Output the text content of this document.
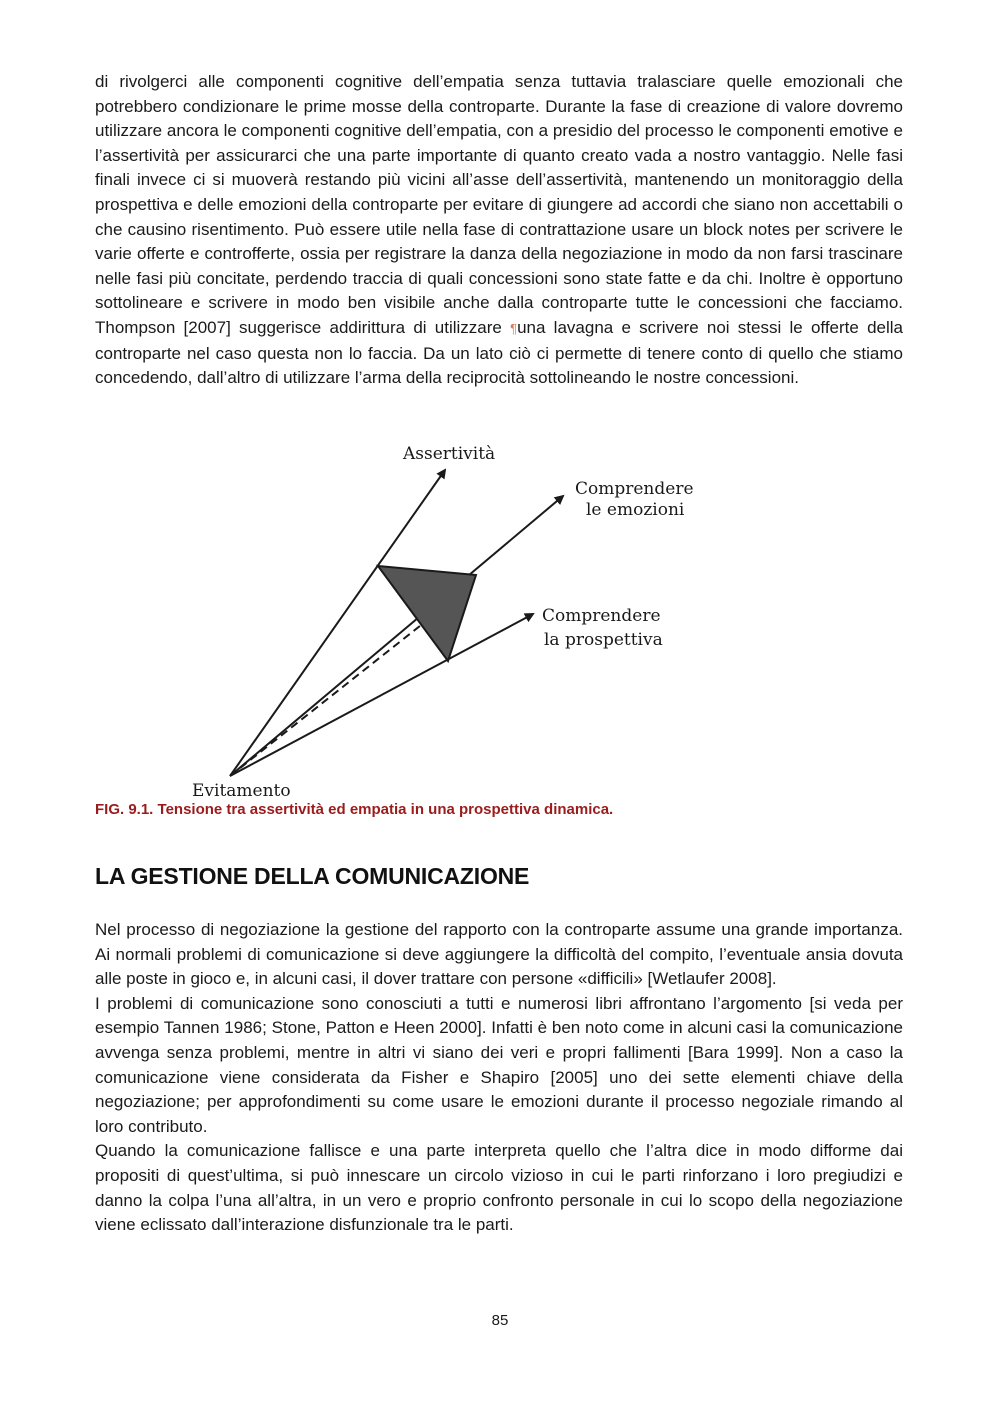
di rivolgerci alle componenti cognitive dell’empatia senza tuttavia tralasciare quelle emozionali che potrebbero condizionare le prime mosse della controparte. Durante la fase di creazione di valore dovremo utilizzare ancora le componenti cognitive dell’empatia, con a presidio del processo le componenti emotive e l’assertività per assicurarci che una parte importante di quanto creato vada a nostro vantaggio. Nelle fasi finali invece ci si muoverà restando più vicini all’asse dell’assertività, mantenendo un monitoraggio della prospettiva e delle emozioni della controparte per evitare di giungere ad accordi che siano non accettabili o che causino risentimento. Può essere utile nella fase di contrattazione usare un block notes per scrivere le varie offerte e controfferte, ossia per registrare la danza della negoziazione in modo da non farsi trascinare nelle fasi più concitate, perdendo traccia di quali concessioni sono state fatte e da chi. Inoltre è opportuno sottolineare e scrivere in modo ben visibile anche dalla controparte tutte le concessioni che facciamo. Thompson [2007] suggerisce addirittura di utilizzare ¶una lavagna e scrivere noi stessi le offerte della controparte nel caso questa non lo faccia. Da un lato ciò ci permette di tenere conto di quello che stiamo concedendo, dall’altro di utilizzare l’arma della reciprocità sottolineando le nostre concessioni.

Assertività
Comprendere
le emozioni
Comprendere
la prospettiva
Evitamento

FIG. 9.1. Tensione tra assertività ed empatia in una prospettiva dinamica.

LA GESTIONE DELLA COMUNICAZIONE

Nel processo di negoziazione la gestione del rapporto con la controparte assume una grande importanza. Ai normali problemi di comunicazione si deve aggiungere la difficoltà del compito, l’eventuale ansia dovuta alle poste in gioco e, in alcuni casi, il dover trattare con persone «difficili» [Wetlaufer 2008].

I problemi di comunicazione sono conosciuti a tutti e numerosi libri affrontano l’argomento [si veda per esempio Tannen 1986; Stone, Patton e Heen 2000]. Infatti è ben noto come in alcuni casi la comunicazione avvenga senza problemi, mentre in altri vi siano dei veri e propri fallimenti [Bara 1999]. Non a caso la comunicazione viene considerata da Fisher e Shapiro [2005] uno dei sette elementi chiave della negoziazione; per approfondimenti su come usare le emozioni durante il processo negoziale rimando al loro contributo.

Quando la comunicazione fallisce e una parte interpreta quello che l’altra dice in modo difforme dai propositi di quest’ultima, si può innescare un circolo vizioso in cui le parti rinforzano i loro pregiudizi e danno la colpa l’una all’altra, in un vero e proprio confronto personale in cui lo scopo della negoziazione viene eclissato dall’interazione disfunzionale tra le parti.

85
